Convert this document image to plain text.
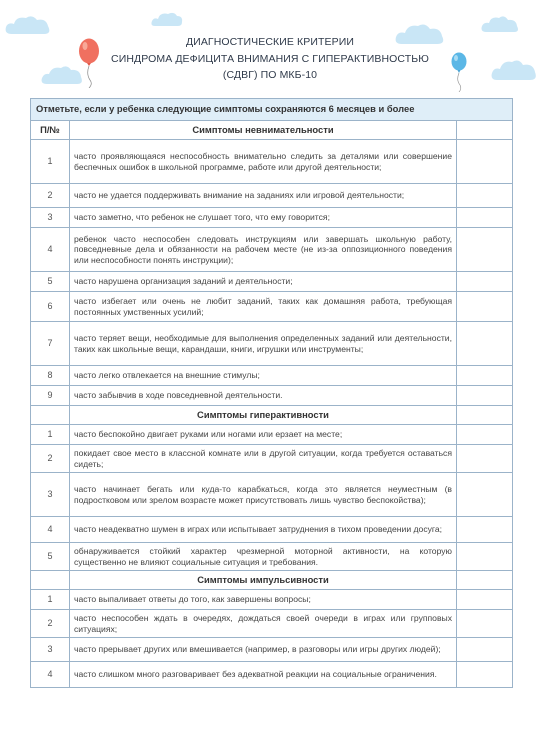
ДИАГНОСТИЧЕСКИЕ КРИТЕРИИ
СИНДРОМА ДЕФИЦИТА ВНИМАНИЯ С ГИПЕРАКТИВНОСТЬЮ
(СДВГ) ПО МКБ-10
Отметьте, если у ребенка следующие симптомы сохраняются 6 месяцев и более		
П/№	Симптомы невнимательности	
1	часто проявляющаяся неспособность внимательно следить за деталями или совершение беспечных ошибок в школьной программе, работе или другой деятельности;	
2	часто не удается поддерживать внимание на заданиях или игровой деятельности;	
3	часто заметно, что ребенок не слушает того, что ему говорится;	
4	ребенок часто неспособен следовать инструкциям или завершать школьную работу, повседневные дела и обязанности на рабочем месте (не из-за оппозиционного поведения или неспособности понять инструкции);	
5	часто нарушена организация заданий и деятельности;	
6	часто избегает или очень не любит заданий, таких как домашняя работа, требующая постоянных умственных усилий;	
7	часто теряет вещи, необходимые для выполнения определенных заданий или деятельности, таких как школьные вещи, карандаши, книги, игрушки или инструменты;	
8	часто легко отвлекается на внешние стимулы;	
9	часто забывчив в ходе повседневной деятельности.	
	Симптомы гиперактивности	
1	часто беспокойно двигает руками или ногами или ерзает на месте;	
2	покидает свое место в классной комнате или в другой ситуации, когда требуется оставаться сидеть;	
3	часто начинает бегать или куда-то карабкаться, когда это является неуместным (в подростковом или зрелом возрасте может присутствовать лишь чувство беспокойства);	
4	часто неадекватно шумен в играх или испытывает затруднения в тихом проведении досуга;	
5	обнаруживается стойкий характер чрезмерной моторной активности, на которую существенно не влияют социальные ситуация и требования.	
	Симптомы импульсивности	
1	часто выпаливает ответы до того, как завершены вопросы;	
2	часто неспособен ждать в очередях, дождаться своей очереди в играх или групповых ситуациях;	
3	часто прерывает других или вмешивается (например, в разговоры или игры других людей);	
4	часто слишком много разговаривает без адекватной реакции на социальные ограничения.	
